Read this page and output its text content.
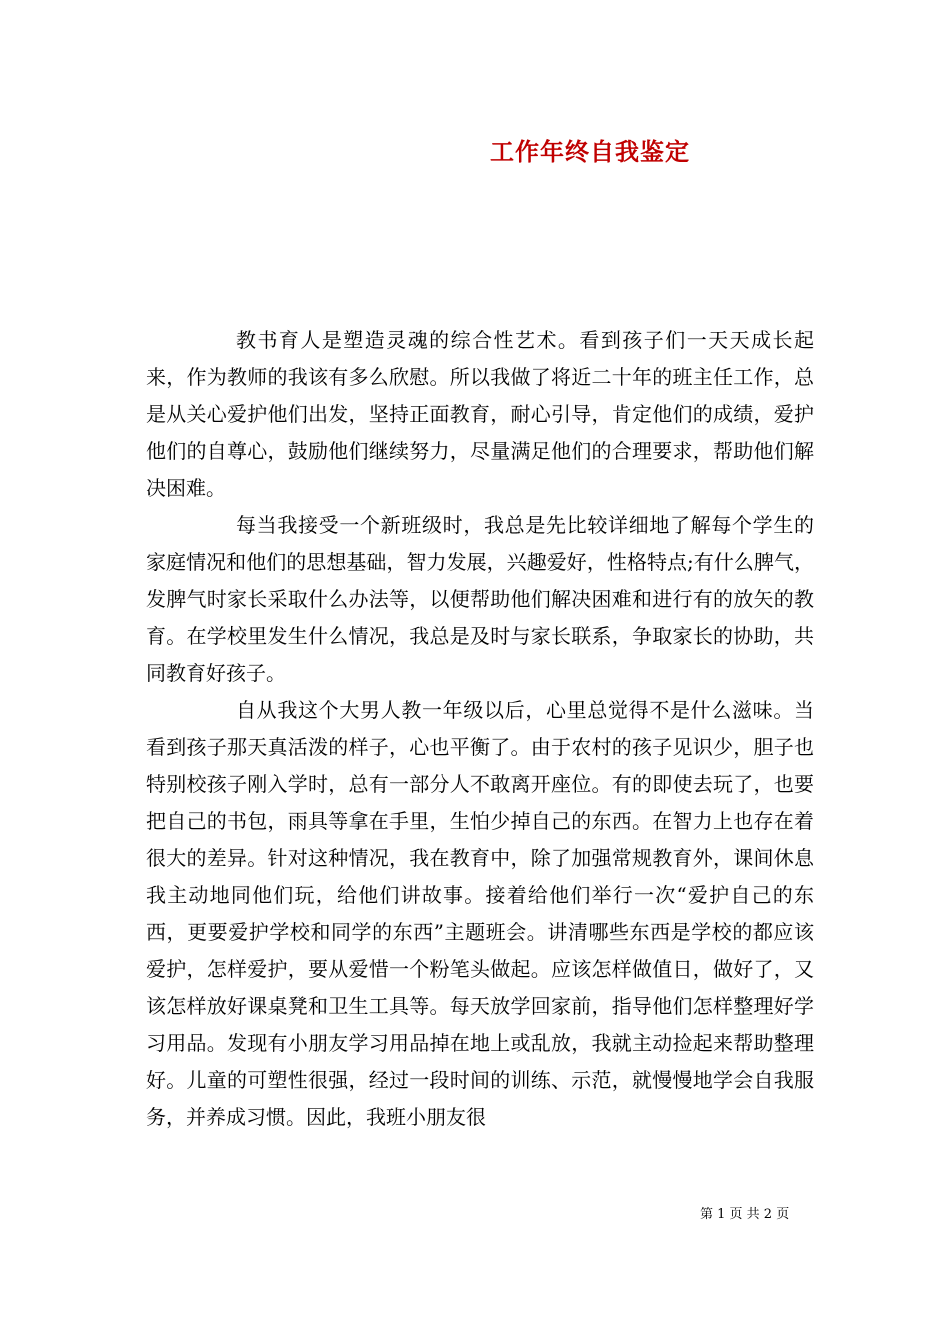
工作年终自我鉴定

教书育人是塑造灵魂的综合性艺术。看到孩子们一天天成长起来，作为教师的我该有多么欣慰。所以我做了将近二十年的班主任工作，总是从关心爱护他们出发，坚持正面教育，耐心引导，肯定他们的成绩，爱护他们的自尊心，鼓励他们继续努力，尽量满足他们的合理要求，帮助他们解决困难。

每当我接受一个新班级时，我总是先比较详细地了解每个学生的家庭情况和他们的思想基础，智力发展，兴趣爱好，性格特点;有什么脾气，发脾气时家长采取什么办法等，以便帮助他们解决困难和进行有的放矢的教育。在学校里发生什么情况，我总是及时与家长联系，争取家长的协助，共同教育好孩子。

自从我这个大男人教一年级以后，心里总觉得不是什么滋味。当看到孩子那天真活泼的样子，心也平衡了。由于农村的孩子见识少，胆子也特别校孩子刚入学时，总有一部分人不敢离开座位。有的即使去玩了，也要把自己的书包，雨具等拿在手里，生怕少掉自己的东西。在智力上也存在着很大的差异。针对这种情况，我在教育中，除了加强常规教育外，课间休息我主动地同他们玩，给他们讲故事。接着给他们举行一次“爱护自己的东西，更要爱护学校和同学的东西”主题班会。讲清哪些东西是学校的都应该爱护，怎样爱护，要从爱惜一个粉笔头做起。应该怎样做值日，做好了，又该怎样放好课桌凳和卫生工具等。每天放学回家前，指导他们怎样整理好学习用品。发现有小朋友学习用品掉在地上或乱放，我就主动捡起来帮助整理好。儿童的可塑性很强，经过一段时间的训练、示范，就慢慢地学会自我服务，并养成习惯。因此，我班小朋友很

第 1 页 共 2 页
